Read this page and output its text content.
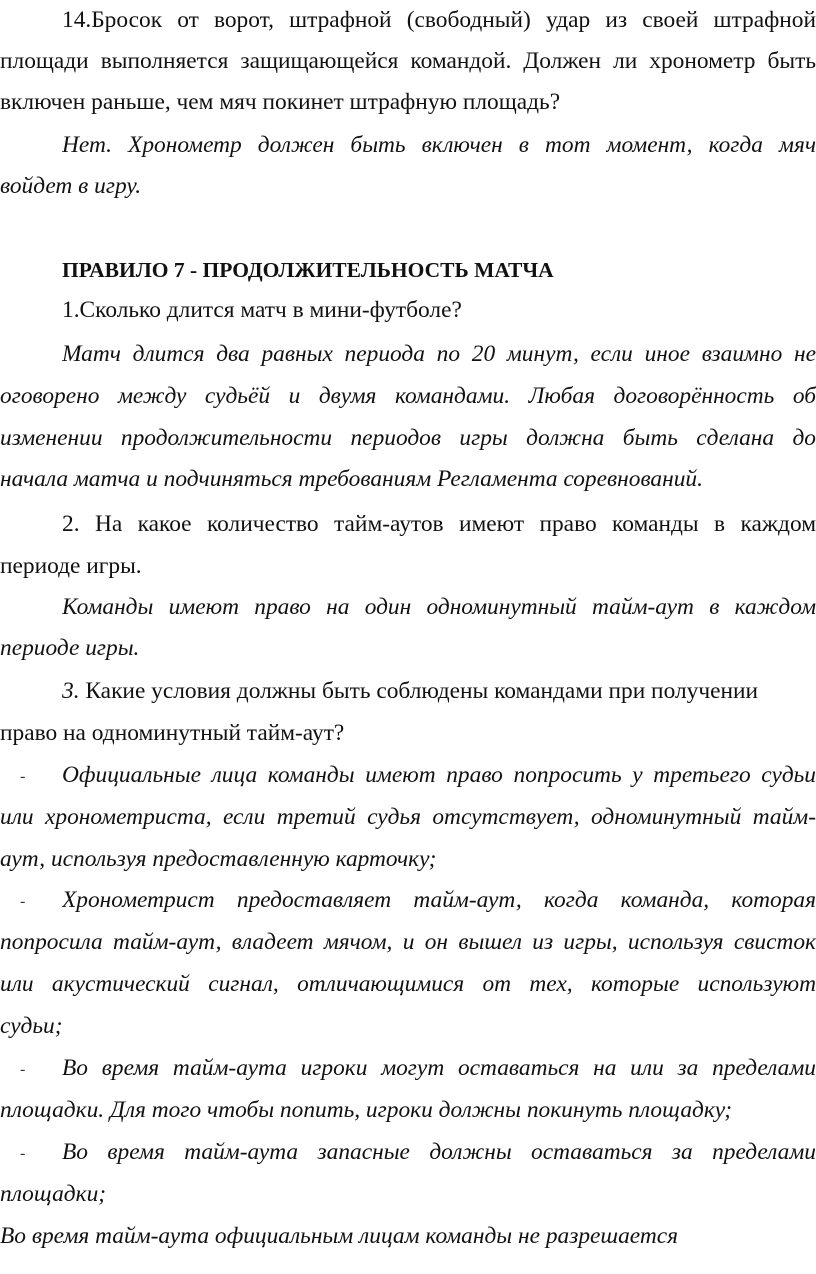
14.Бросок от ворот, штрафной (свободный) удар из своей штрафной
площади выполняется защищающейся командой. Должен ли хронометр быть
включен раньше, чем мяч покинет штрафную площадь?
Нет. Хронометр должен быть включен в тот момент, когда мяч
войдет в игру.
ПРАВИЛО 7 - ПРОДОЛЖИТЕЛЬНОСТЬ МАТЧА
1.Сколько длится матч в мини-футболе?
Матч длится два равных периода по 20 минут, если иное взаимно не
оговорено между судьёй и двумя командами. Любая договорённость об
изменении продолжительности периодов игры должна быть сделана до
начала матча и подчиняться требованиям Регламента соревнований.
2. На какое количество тайм-аутов имеют право команды в каждом
периоде игры.
Команды имеют право на один одноминутный тайм-аут в каждом
периоде игры.
3. Какие условия должны быть соблюдены командами при получении
право на одноминутный тайм-аут?
- Официальные лица команды имеют право попросить у третьего судьи
или хронометриста, если третий судья отсутствует, одноминутный тайм-
аут, используя предоставленную карточку;
- Хронометрист предоставляет тайм-аут, когда команда, которая
попросила тайм-аут, владеет мячом, и он вышел из игры, используя свисток
или акустический сигнал, отличающимися от тех, которые используют
судьи;
- Во время тайм-аута игроки могут оставаться на или за пределами
площадки. Для того чтобы попить, игроки должны покинуть площадку;
- Во время тайм-аута запасные должны оставаться за пределами
площадки;
Во время тайм-аута официальным лицам команды не разрешается
